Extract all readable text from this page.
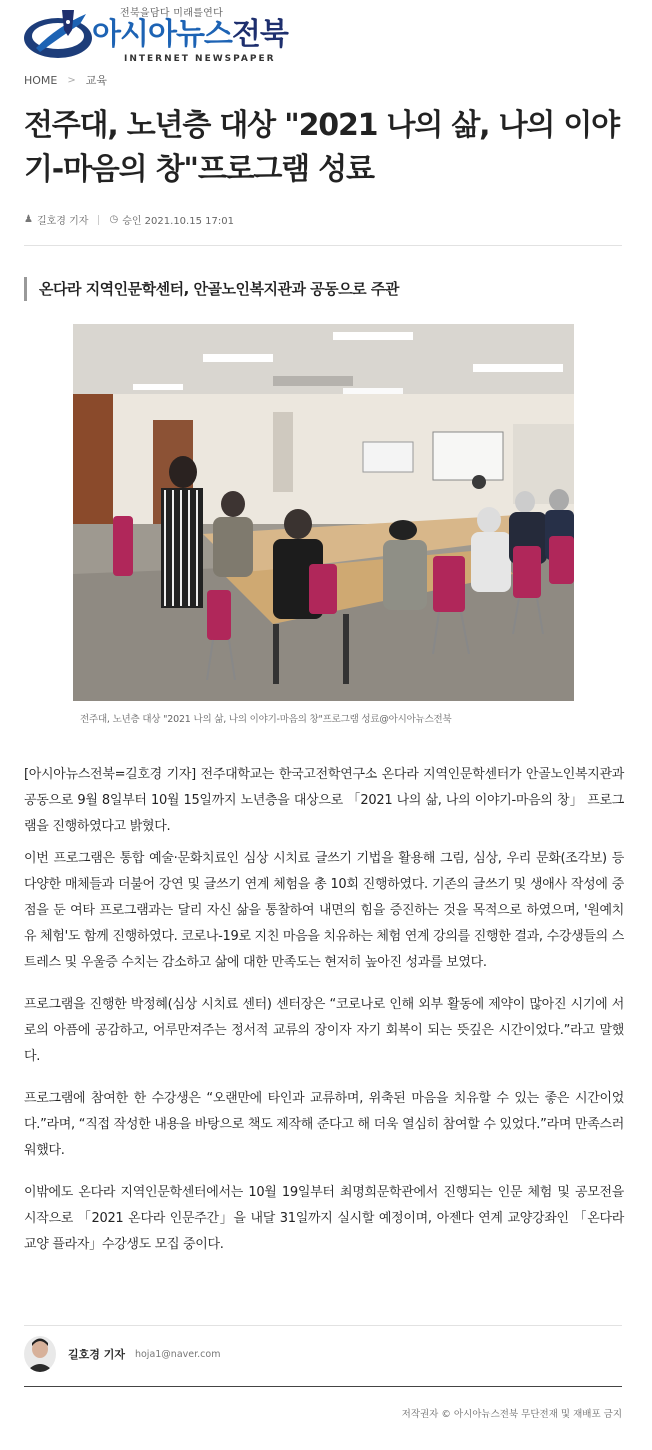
전북을담다 미래를연다
아시아뉴스전북
INTERNET NEWSPAPER
HOME > 교육
전주대, 노년층 대상 "2021 나의 삶, 나의 이야기-마음의 창"프로그램 성료
♟ 길호경 기자 ◷ 승인 2021.10.15 17:01
온다라 지역인문학센터, 안골노인복지관과 공동으로 주관
전주대, 노년층 대상 "2021 나의 삶, 나의 이야기-마음의 창"프로그램 성료@아시아뉴스전북

[아시아뉴스전북=길호경 기자] 전주대학교는 한국고전학연구소 온다라 지역인문학센터가 안골노인복지관과 공동으로 9월 8일부터 10월 15일까지 노년층을 대상으로 「2021 나의 삶, 나의 이야기-마음의 창」 프로그램을 진행하였다고 밝혔다.

이번 프로그램은 통합 예술·문화치료인 심상 시치료 글쓰기 기법을 활용해 그림, 심상, 우리 문화(조각보) 등 다양한 매체들과 더불어 강연 및 글쓰기 연계 체험을 총 10회 진행하였다. 기존의 글쓰기 및 생애사 작성에 중점을 둔 여타 프로그램과는 달리 자신 삶을 통찰하여 내면의 힘을 증진하는 것을 목적으로 하였으며, '원예치유 체험'도 함께 진행하였다. 코로나-19로 지친 마음을 치유하는 체험 연계 강의를 진행한 결과, 수강생들의 스트레스 및 우울증 수치는 감소하고 삶에 대한 만족도는 현저히 높아진 성과를 보였다.

프로그램을 진행한 박정혜(심상 시치료 센터) 센터장은 “코로나로 인해 외부 활동에 제약이 많아진 시기에 서로의 아픔에 공감하고, 어루만져주는 정서적 교류의 장이자 자기 회복이 되는 뜻깊은 시간이었다.”라고 말했다.

프로그램에 참여한 한 수강생은 “오랜만에 타인과 교류하며, 위축된 마음을 치유할 수 있는 좋은 시간이었다.”라며, “직접 작성한 내용을 바탕으로 책도 제작해 준다고 해 더욱 열심히 참여할 수 있었다.”라며 만족스러워했다.

이밖에도 온다라 지역인문학센터에서는 10월 19일부터 최명희문학관에서 진행되는 인문 체험 및 공모전을 시작으로 「2021 온다라 인문주간」을 내달 31일까지 실시할 예정이며, 아젠다 연계 교양강좌인 「온다라 교양 플라자」수강생도 모집 중이다.

길호경 기자 hoja1@naver.com
저작권자 © 아시아뉴스전북 무단전재 및 재배포 금지
